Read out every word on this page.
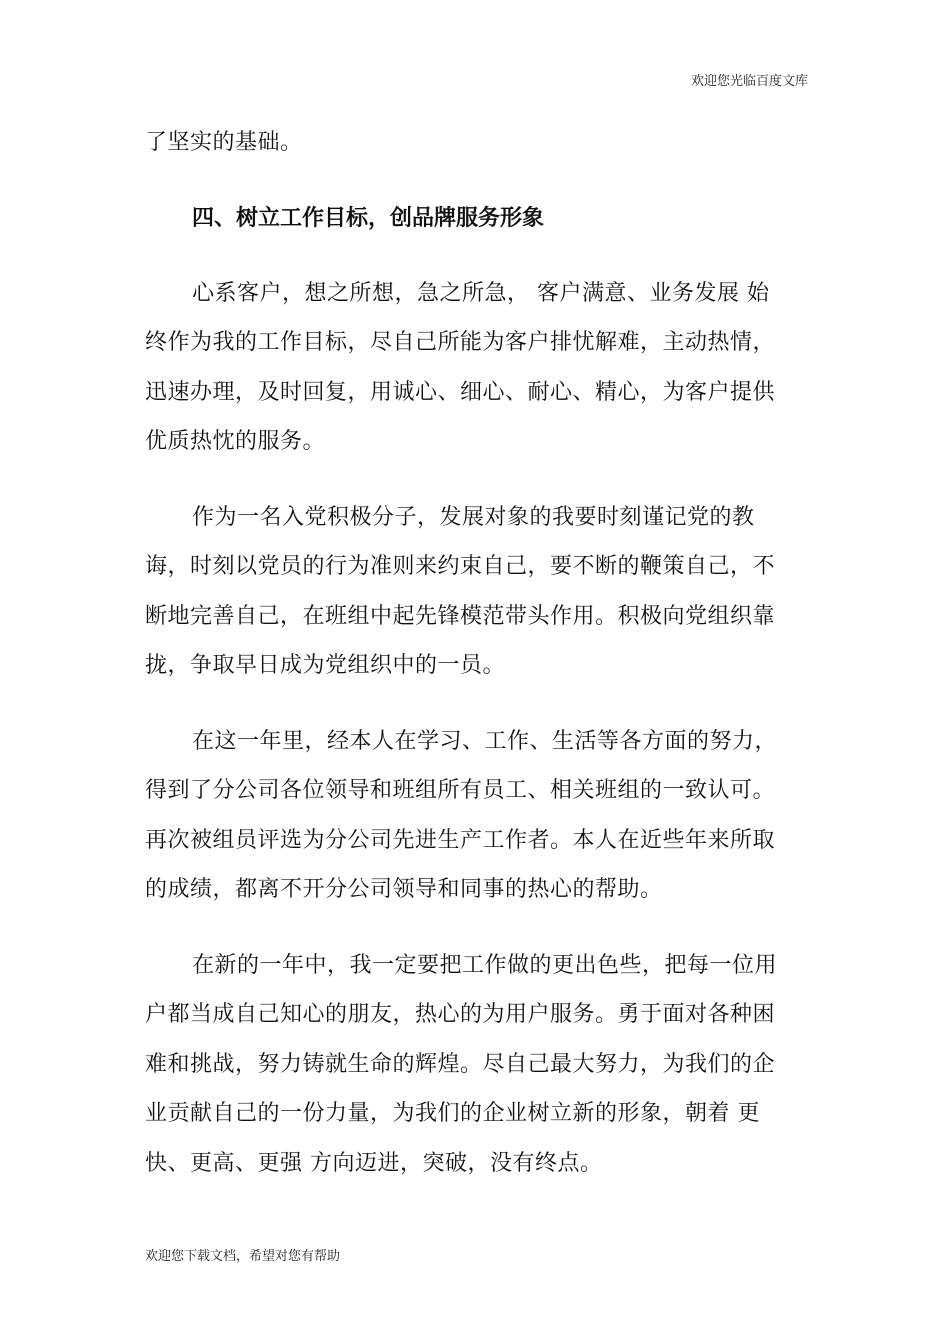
欢迎您光临百度文库
了坚实的基础。
四、树立工作目标，创品牌服务形象
心系客户，想之所想，急之所急， 客户满意、业务发展 始
终作为我的工作目标，尽自己所能为客户排忧解难，主动热情，
迅速办理，及时回复，用诚心、细心、耐心、精心，为客户提供
优质热忱的服务。
作为一名入党积极分子，发展对象的我要时刻谨记党的教
诲，时刻以党员的行为准则来约束自己，要不断的鞭策自己，不
断地完善自己，在班组中起先锋模范带头作用。积极向党组织靠
拢，争取早日成为党组织中的一员。
在这一年里，经本人在学习、工作、生活等各方面的努力，
得到了分公司各位领导和班组所有员工、相关班组的一致认可。
再次被组员评选为分公司先进生产工作者。本人在近些年来所取
的成绩，都离不开分公司领导和同事的热心的帮助。
在新的一年中，我一定要把工作做的更出色些，把每一位用
户都当成自己知心的朋友，热心的为用户服务。勇于面对各种困
难和挑战，努力铸就生命的辉煌。尽自己最大努力，为我们的企
业贡献自己的一份力量，为我们的企业树立新的形象，朝着 更
快、更高、更强 方向迈进，突破，没有终点。
欢迎您下载文档，希望对您有帮助
